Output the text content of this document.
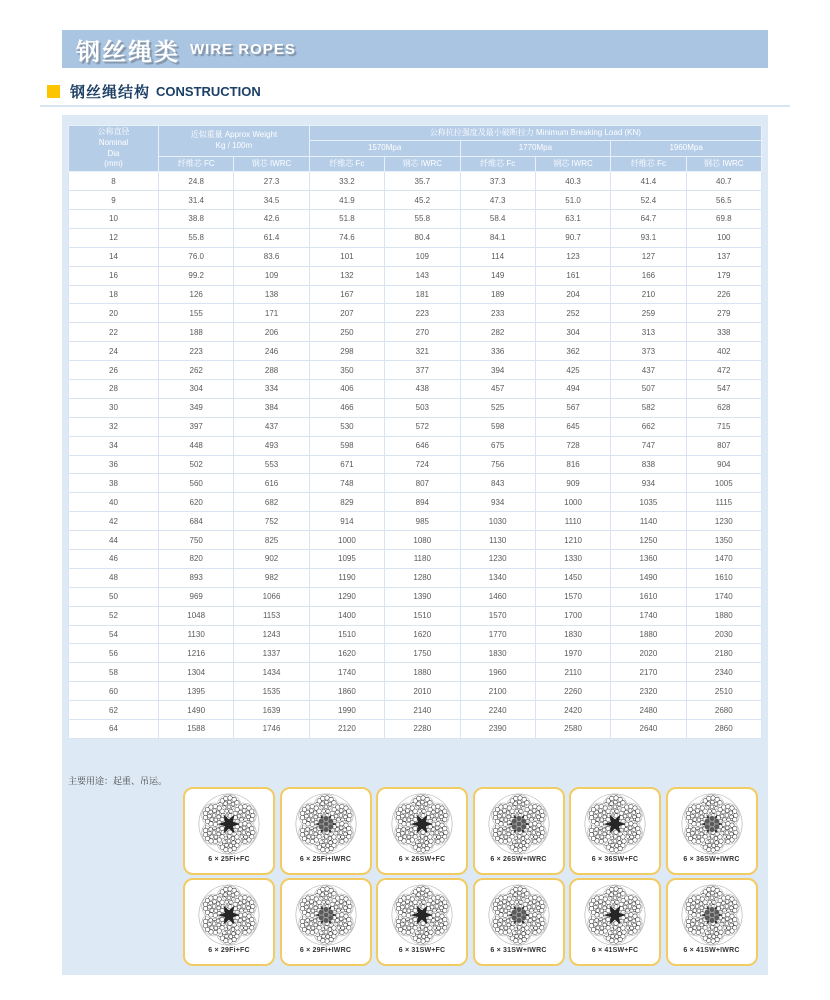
钢丝绳类 WIRE ROPES
钢丝绳结构 CONSTRUCTION
公称直径
Nominal
Dia
(mm)	近似重量 Approx Weight
Kg / 100m		公称抗拉强度及最小破断拉力 Minimum Breaking Load (KN)					
			1570Mpa		1770Mpa		1960Mpa	
	纤维芯 FC	钢芯 IWRC	纤维芯 Fc	钢芯 IWRC	纤维芯 Fc	钢芯 IWRC	纤维芯 Fc	钢芯 IWRC
8	24.8	27.3	33.2	35.7	37.3	40.3	41.4	40.7
9	31.4	34.5	41.9	45.2	47.3	51.0	52.4	56.5
10	38.8	42.6	51.8	55.8	58.4	63.1	64.7	69.8
12	55.8	61.4	74.6	80.4	84.1	90.7	93.1	100
14	76.0	83.6	101	109	114	123	127	137
16	99.2	109	132	143	149	161	166	179
18	126	138	167	181	189	204	210	226
20	155	171	207	223	233	252	259	279
22	188	206	250	270	282	304	313	338
24	223	246	298	321	336	362	373	402
26	262	288	350	377	394	425	437	472
28	304	334	406	438	457	494	507	547
30	349	384	466	503	525	567	582	628
32	397	437	530	572	598	645	662	715
34	448	493	598	646	675	728	747	807
36	502	553	671	724	756	816	838	904
38	560	616	748	807	843	909	934	1005
40	620	682	829	894	934	1000	1035	1115
42	684	752	914	985	1030	1110	1140	1230
44	750	825	1000	1080	1130	1210	1250	1350
46	820	902	1095	1180	1230	1330	1360	1470
48	893	982	1190	1280	1340	1450	1490	1610
50	969	1066	1290	1390	1460	1570	1610	1740
52	1048	1153	1400	1510	1570	1700	1740	1880
54	1130	1243	1510	1620	1770	1830	1880	2030
56	1216	1337	1620	1750	1830	1970	2020	2180
58	1304	1434	1740	1880	1960	2110	2170	2340
60	1395	1535	1860	2010	2100	2260	2320	2510
62	1490	1639	1990	2140	2240	2420	2480	2680
64	1588	1746	2120	2280	2390	2580	2640	2860
主要用途：起重、吊运。
6 × 25Fi+FC	6 × 25Fi+IWRC	6 × 26SW+FC	6 × 26SW+IWRC	6 × 36SW+FC	6 × 36SW+IWRC
6 × 29Fi+FC	6 × 29Fi+IWRC	6 × 31SW+FC	6 × 31SW+IWRC	6 × 41SW+FC	6 × 41SW+IWRC
